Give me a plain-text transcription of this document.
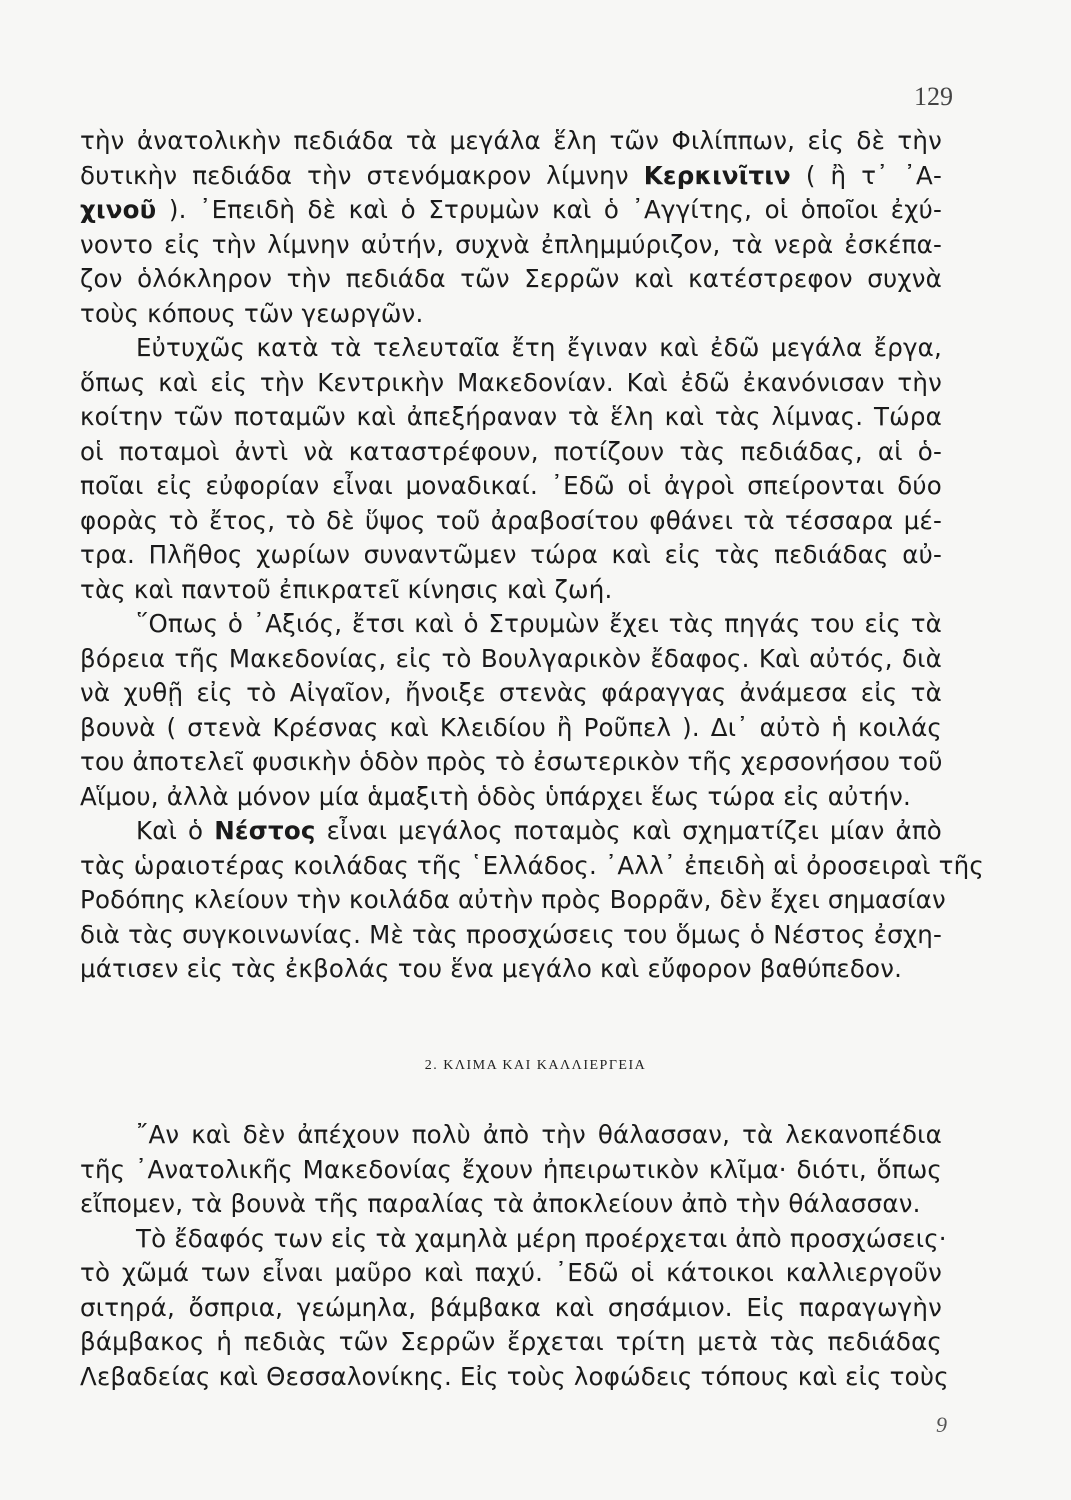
129
τὴν ἀνατολικὴν πεδιάδα τὰ μεγάλα ἕλη τῶν Φιλίππων, εἰς δὲ τὴν
δυτικὴν πεδιάδα τὴν στενόμακρον λίμνην Κερκινῖτιν ( ἢ τ᾽ ᾽Α-
χινοῦ ). ᾽Επειδὴ δὲ καὶ ὁ Στρυμὼν καὶ ὁ ᾽Αγγίτης, οἱ ὁποῖοι ἐχύ-
νοντο εἰς τὴν λίμνην αὐτήν, συχνὰ ἐπλημμύριζον, τὰ νερὰ ἐσκέπα-
ζον ὁλόκληρον τὴν πεδιάδα τῶν Σερρῶν καὶ κατέστρεφον συχνὰ
τοὺς κόπους τῶν γεωργῶν.
Εὐτυχῶς κατὰ τὰ τελευταῖα ἔτη ἔγιναν καὶ ἐδῶ μεγάλα ἔργα,
ὅπως καὶ εἰς τὴν Κεντρικὴν Μακεδονίαν. Καὶ ἐδῶ ἐκανόνισαν τὴν
κοίτην τῶν ποταμῶν καὶ ἀπεξήραναν τὰ ἕλη καὶ τὰς λίμνας. Τώρα
οἱ ποταμοὶ ἀντὶ νὰ καταστρέφουν, ποτίζουν τὰς πεδιάδας, αἱ ὁ-
ποῖαι εἰς εὐφορίαν εἶναι μοναδικαί. ᾽Εδῶ οἱ ἀγροὶ σπείρονται δύο
φορὰς τὸ ἔτος, τὸ δὲ ὕψος τοῦ ἀραβοσίτου φθάνει τὰ τέσσαρα μέ-
τρα. Πλῆθος χωρίων συναντῶμεν τώρα καὶ εἰς τὰς πεδιάδας αὐ-
τὰς καὶ παντοῦ ἐπικρατεῖ κίνησις καὶ ζωή.
῞Οπως ὁ ᾽Αξιός, ἔτσι καὶ ὁ Στρυμὼν ἔχει τὰς πηγάς του εἰς τὰ
βόρεια τῆς Μακεδονίας, εἰς τὸ Βουλγαρικὸν ἔδαφος. Καὶ αὐτός, διὰ
νὰ χυθῇ εἰς τὸ Αἰγαῖον, ἤνοιξε στενὰς φάραγγας ἀνάμεσα εἰς τὰ
βουνὰ ( στενὰ Κρέσνας καὶ Κλειδίου ἢ Ροῦπελ ). Δι᾽ αὐτὸ ἡ κοιλάς
του ἀποτελεῖ φυσικὴν ὁδὸν πρὸς τὸ ἐσωτερικὸν τῆς χερσονήσου τοῦ
Αἵμου, ἀλλὰ μόνον μία ἁμαξιτὴ ὁδὸς ὑπάρχει ἕως τώρα εἰς αὐτήν.
Καὶ ὁ Νέστος εἶναι μεγάλος ποταμὸς καὶ σχηματίζει μίαν ἀπὸ
τὰς ὡραιοτέρας κοιλάδας τῆς ῾Ελλάδος. ᾽Αλλ᾽ ἐπειδὴ αἱ ὀροσειραὶ τῆς
Ροδόπης κλείουν τὴν κοιλάδα αὐτὴν πρὸς Βορρᾶν, δὲν ἔχει σημασίαν
διὰ τὰς συγκοινωνίας. Μὲ τὰς προσχώσεις του ὅμως ὁ Νέστος ἐσχη-
μάτισεν εἰς τὰς ἐκβολάς του ἕνα μεγάλο καὶ εὔφορον βαθύπεδον.
2. ΚΛΙΜΑ ΚΑΙ ΚΑΛΛΙΕΡΓΕΙΑ
῎Αν καὶ δὲν ἀπέχουν πολὺ ἀπὸ τὴν θάλασσαν, τὰ λεκανοπέδια
τῆς ᾽Ανατολικῆς Μακεδονίας ἔχουν ἠπειρωτικὸν κλῖμα· διότι, ὅπως
εἴπομεν, τὰ βουνὰ τῆς παραλίας τὰ ἀποκλείουν ἀπὸ τὴν θάλασσαν.
Τὸ ἔδαφός των εἰς τὰ χαμηλὰ μέρη προέρχεται ἀπὸ προσχώσεις·
τὸ χῶμά των εἶναι μαῦρο καὶ παχύ. ᾽Εδῶ οἱ κάτοικοι καλλιεργοῦν
σιτηρά, ὄσπρια, γεώμηλα, βάμβακα καὶ σησάμιον. Εἰς παραγωγὴν
βάμβακος ἡ πεδιὰς τῶν Σερρῶν ἔρχεται τρίτη μετὰ τὰς πεδιάδας
Λεβαδείας καὶ Θεσσαλονίκης. Εἰς τοὺς λοφώδεις τόπους καὶ εἰς τοὺς
9
